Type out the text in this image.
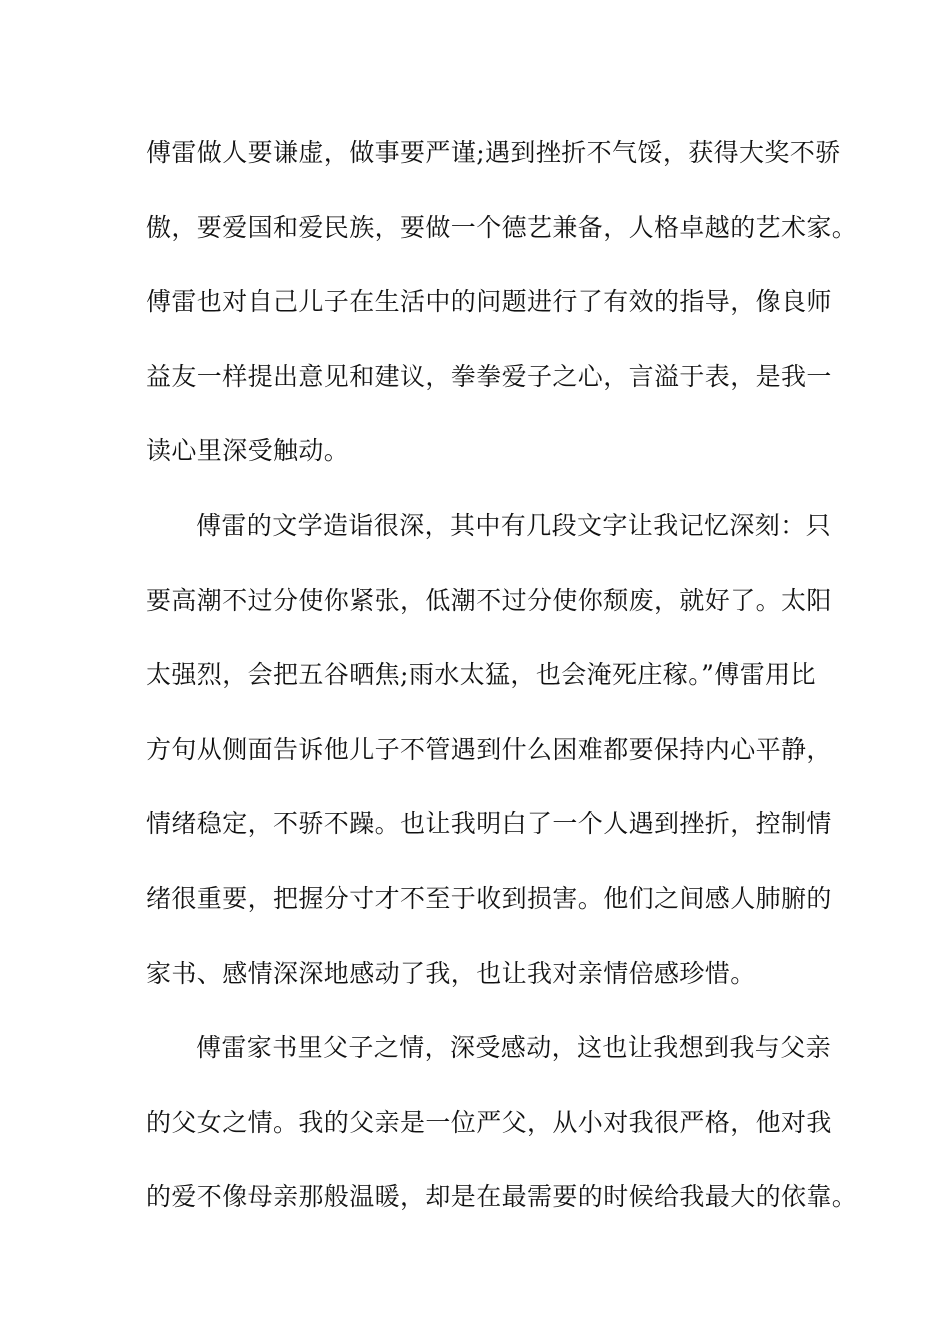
傅雷做人要谦虚，做事要严谨;遇到挫折不气馁，获得大奖不骄
傲，要爱国和爱民族，要做一个德艺兼备，人格卓越的艺术家。
傅雷也对自己儿子在生活中的问题进行了有效的指导，像良师
益友一样提出意见和建议，拳拳爱子之心，言溢于表，是我一
读心里深受触动。
傅雷的文学造诣很深，其中有几段文字让我记忆深刻：只
要高潮不过分使你紧张，低潮不过分使你颓废，就好了。太阳
太强烈，会把五谷晒焦;雨水太猛，也会淹死庄稼。”傅雷用比
方句从侧面告诉他儿子不管遇到什么困难都要保持内心平静，
情绪稳定，不骄不躁。也让我明白了一个人遇到挫折，控制情
绪很重要，把握分寸才不至于收到损害。他们之间感人肺腑的
家书、感情深深地感动了我，也让我对亲情倍感珍惜。
傅雷家书里父子之情，深受感动，这也让我想到我与父亲
的父女之情。我的父亲是一位严父，从小对我很严格，他对我
的爱不像母亲那般温暖，却是在最需要的时候给我最大的依靠。
